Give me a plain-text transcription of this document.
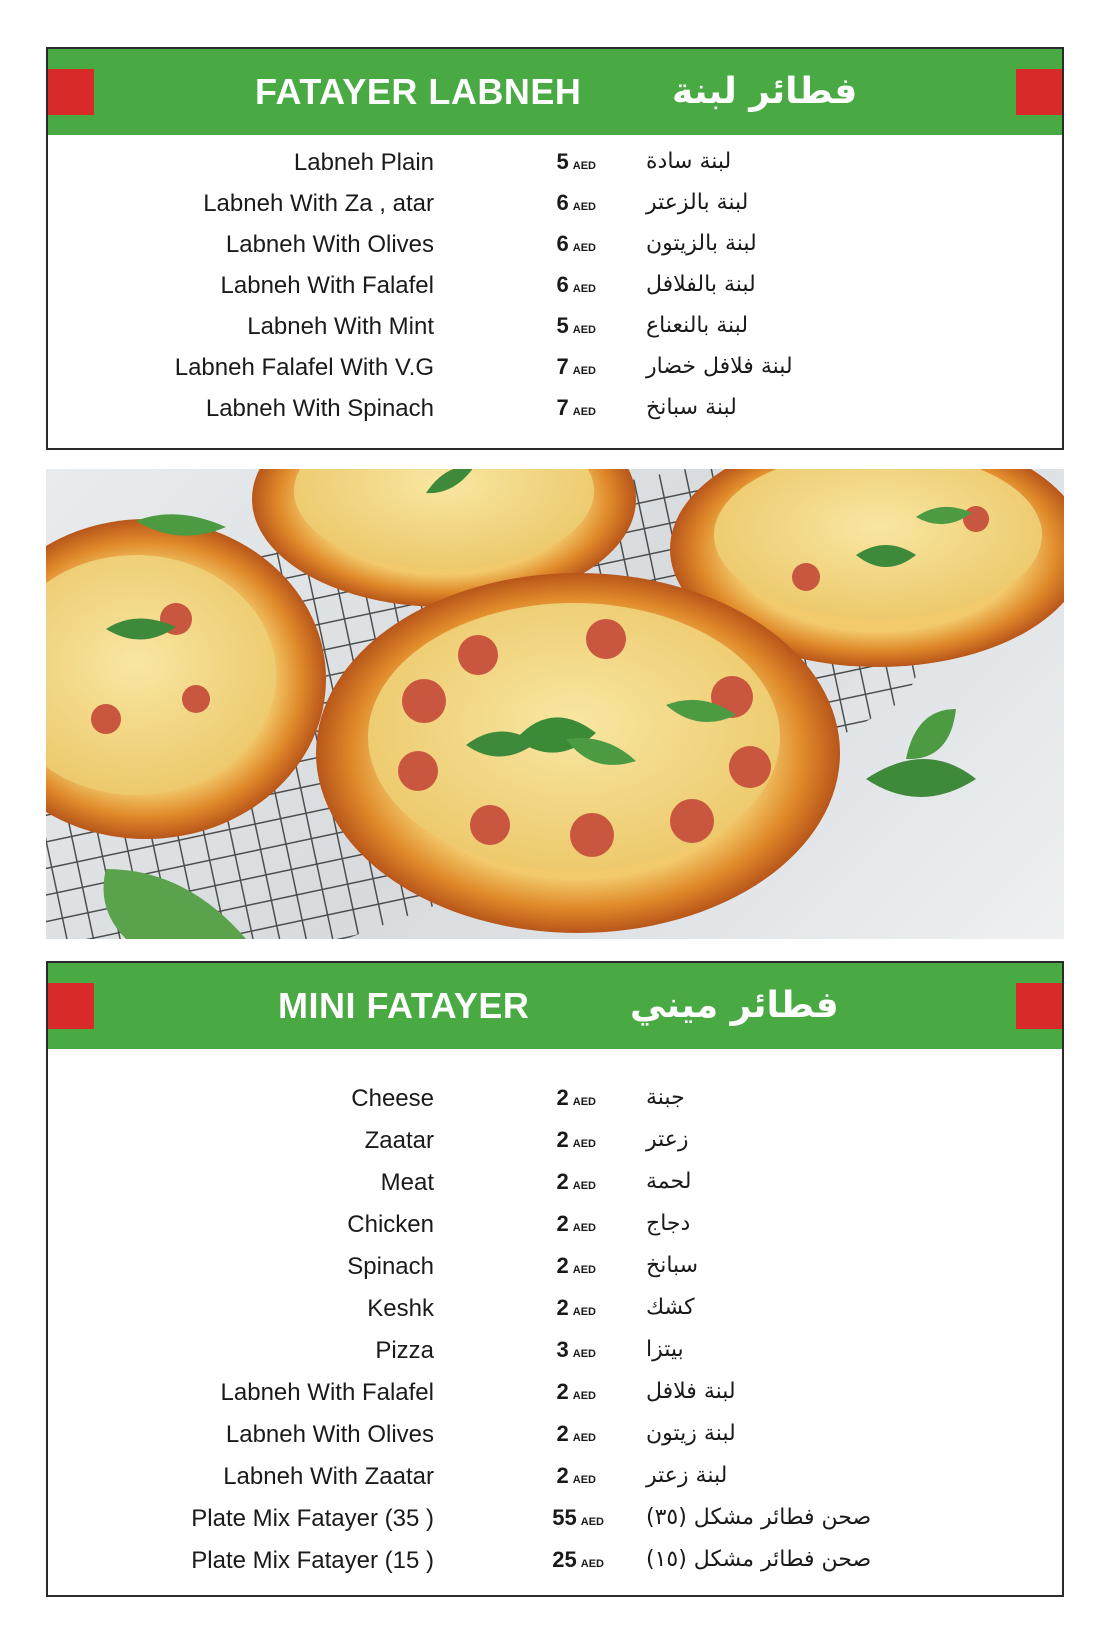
FATAYER LABNEH	فطائر لبنة
Labneh Plain	5 AED لبنة سادة
Labneh With Za , atar	6 AED لبنة بالزعتر
Labneh With Olives	6 AED لبنة بالزيتون
Labneh With Falafel	6 AED لبنة بالفلافل
Labneh With Mint	5 AED لبنة بالنعناع
Labneh Falafel With V.G	7 AED لبنة فلافل خضار
Labneh With Spinach	7 AED لبنة سبانخ
MINI FATAYER	فطائر ميني
Cheese	2 AED جبنة
Zaatar	2 AED زعتر
Meat	2 AED لحمة
Chicken	2 AED دجاج
Spinach	2 AED سبانخ
Keshk	2 AED كشك
Pizza	3 AED بيتزا
Labneh With Falafel	2 AED لبنة فلافل
Labneh With Olives	2 AED لبنة زيتون
Labneh With Zaatar	2 AED لبنة زعتر
Plate Mix Fatayer (35 )	55 AED صحن فطائر مشكل (٣٥)
Plate Mix Fatayer (15 )	25 AED صحن فطائر مشكل (١٥)
